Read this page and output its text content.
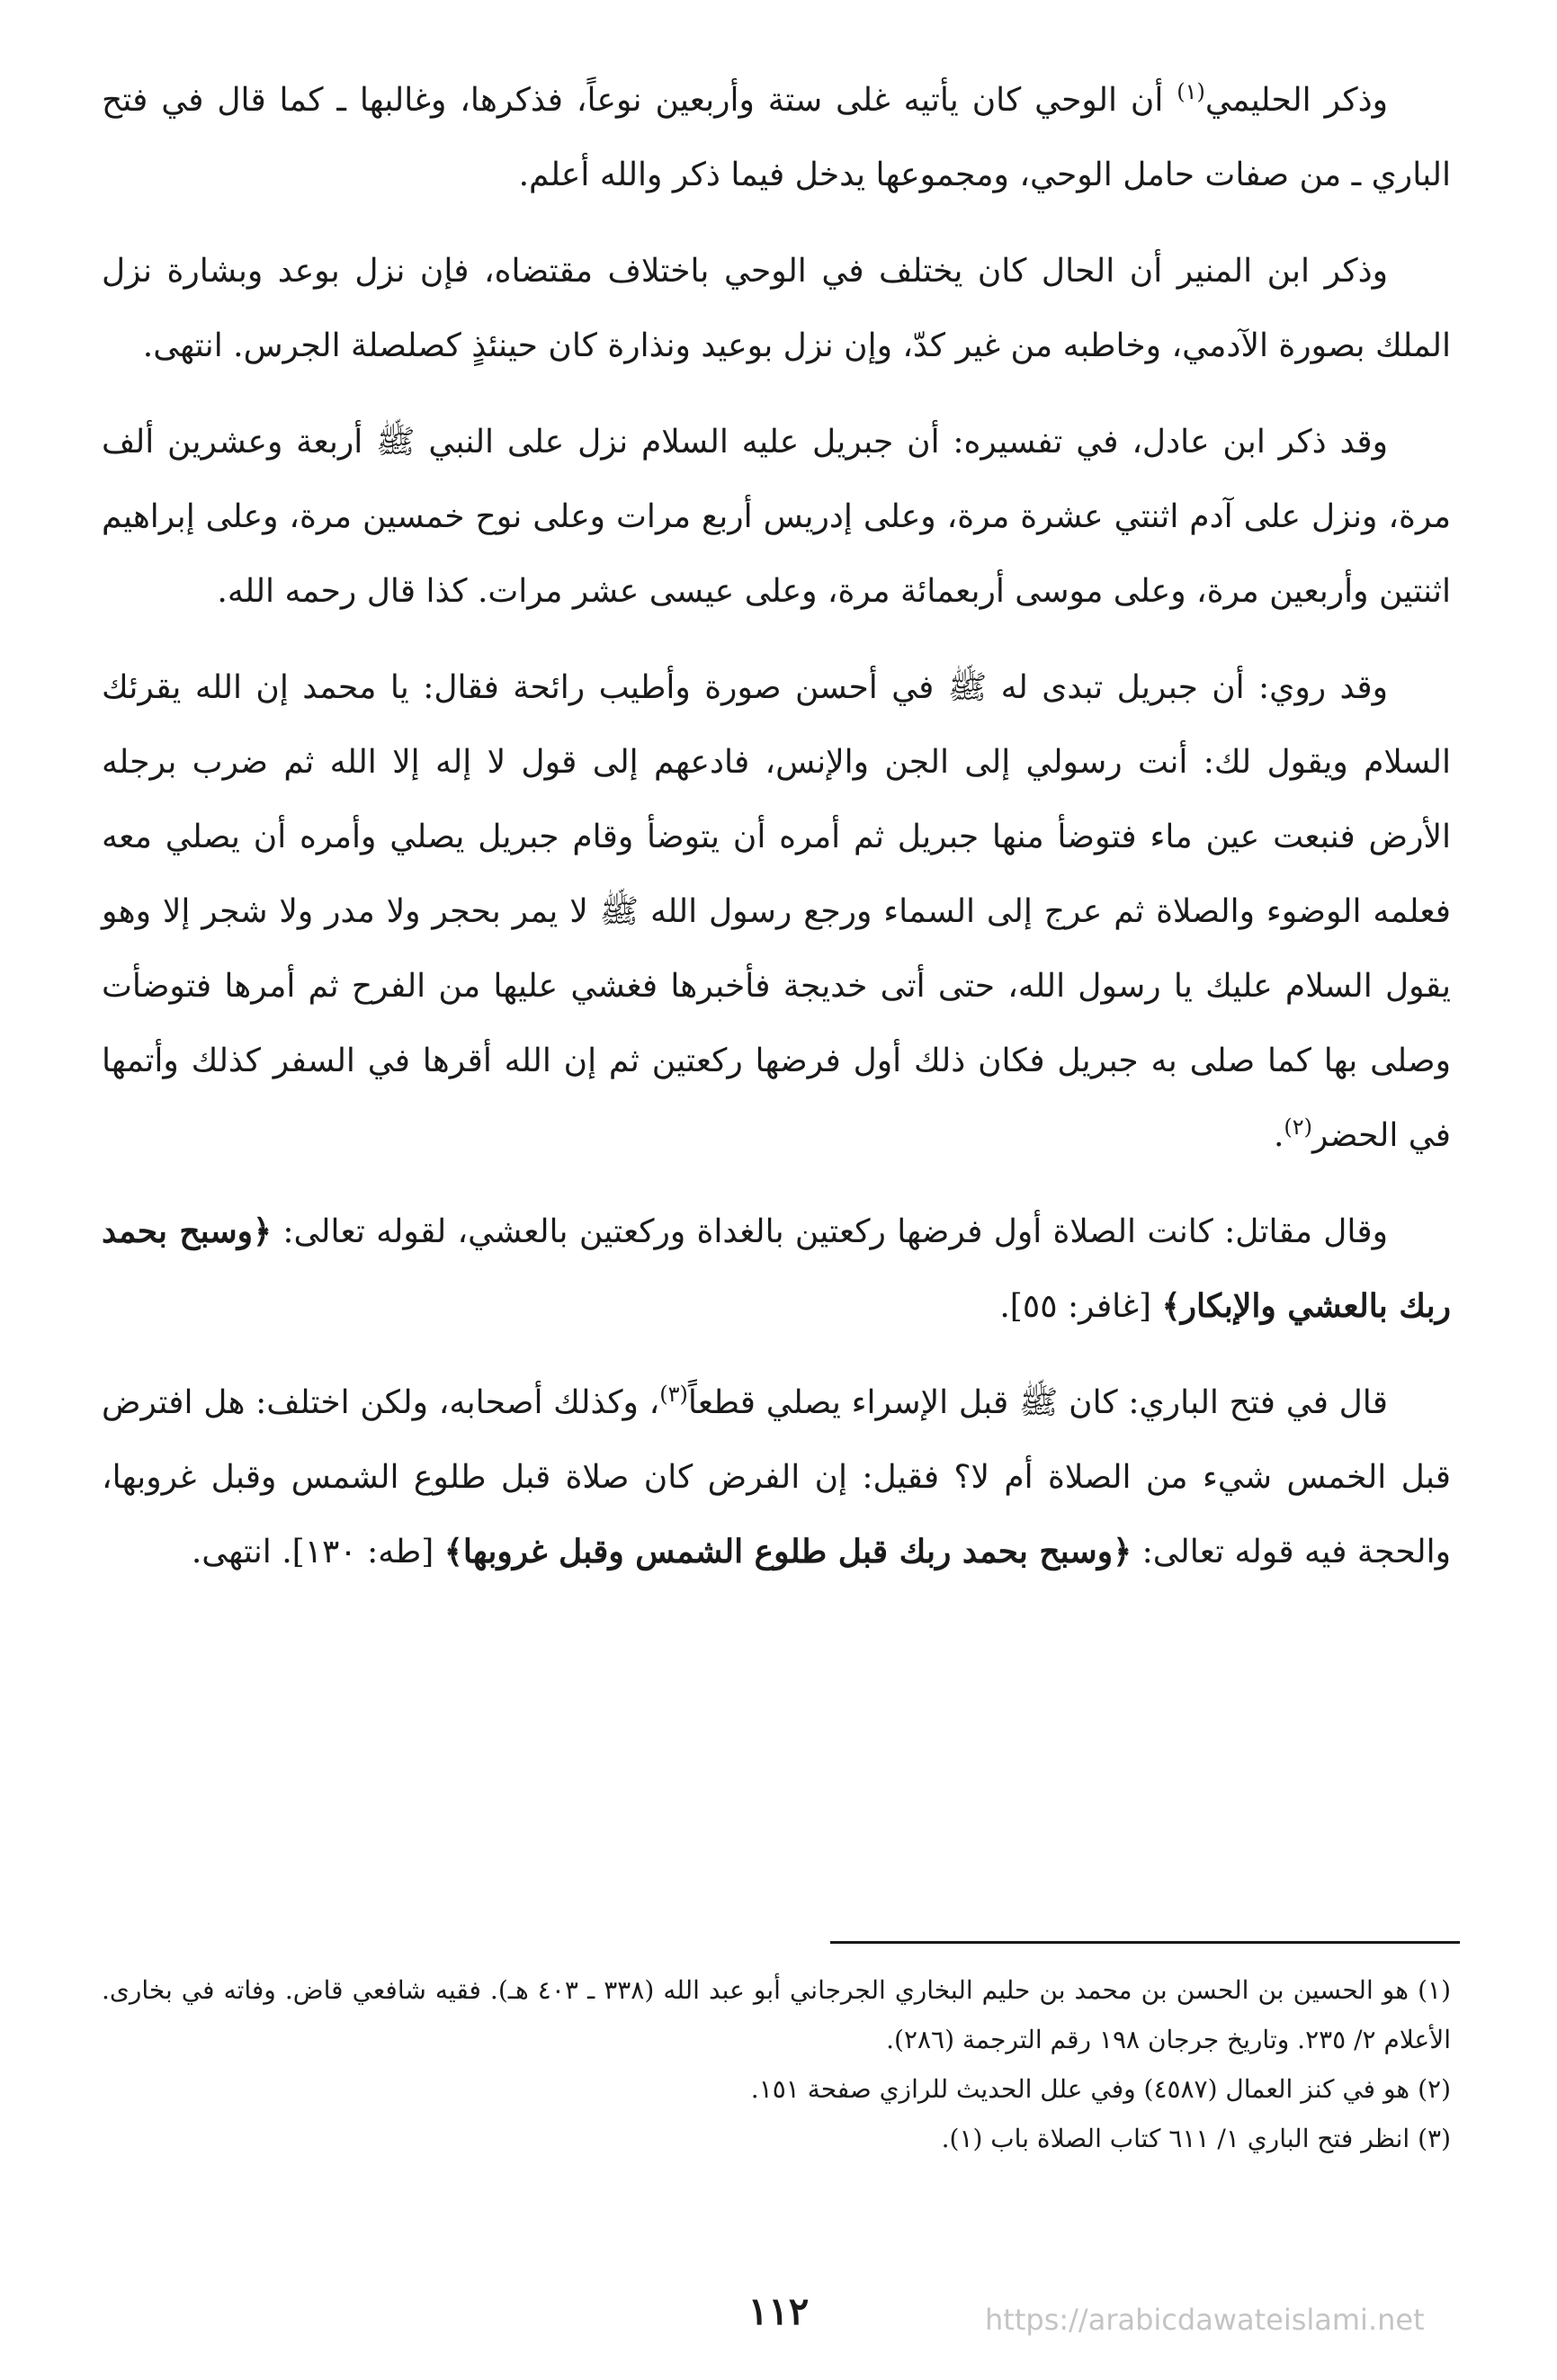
وذكر الحليمي$^{(١)}$ أن الوحي كان يأتيه غلى ستة وأربعين نوعاً، فذكرها، وغالبها ـ كما قال في فتح الباري ـ من صفات حامل الوحي، ومجموعها يدخل فيما ذكر والله أعلم.

وذكر ابن المنير أن الحال كان يختلف في الوحي باختلاف مقتضاه، فإن نزل بوعد وبشارة نزل الملك بصورة الآدمي، وخاطبه من غير كدّ، وإن نزل بوعيد ونذارة كان حينئذٍ كصلصلة الجرس. انتهى.

وقد ذكر ابن عادل، في تفسيره: أن جبريل عليه السلام نزل على النبي ﷺ أربعة وعشرين ألف مرة، ونزل على آدم اثنتي عشرة مرة، وعلى إدريس أربع مرات وعلى نوح خمسين مرة، وعلى إبراهيم اثنتين وأربعين مرة، وعلى موسى أربعمائة مرة، وعلى عيسى عشر مرات. كذا قال رحمه الله.

وقد روي: أن جبريل تبدى له ﷺ في أحسن صورة وأطيب رائحة فقال: يا محمد إن الله يقرئك السلام ويقول لك: أنت رسولي إلى الجن والإنس، فادعهم إلى قول لا إله إلا الله ثم ضرب برجله الأرض فنبعت عين ماء فتوضأ منها جبريل ثم أمره أن يتوضأ وقام جبريل يصلي وأمره أن يصلي معه فعلمه الوضوء والصلاة ثم عرج إلى السماء ورجع رسول الله ﷺ لا يمر بحجر ولا مدر ولا شجر إلا وهو يقول السلام عليك يا رسول الله، حتى أتى خديجة فأخبرها فغشي عليها من الفرح ثم أمرها فتوضأت وصلى بها كما صلى به جبريل فكان ذلك أول فرضها ركعتين ثم إن الله أقرها في السفر كذلك وأتمها في الحضر$^{(٢)}$.

وقال مقاتل: كانت الصلاة أول فرضها ركعتين بالغداة وركعتين بالعشي، لقوله تعالى: ﴿وسبح بحمد ربك بالعشي والإبكار﴾ [غافر: ٥٥].

قال في فتح الباري: كان ﷺ قبل الإسراء يصلي قطعاً$^{(٣)}$، وكذلك أصحابه، ولكن اختلف: هل افترض قبل الخمس شيء من الصلاة أم لا؟ فقيل: إن الفرض كان صلاة قبل طلوع الشمس وقبل غروبها، والحجة فيه قوله تعالى: ﴿وسبح بحمد ربك قبل طلوع الشمس وقبل غروبها﴾ [طه: ١٣٠]. انتهى.

(١) هو الحسين بن الحسن بن محمد بن حليم البخاري الجرجاني أبو عبد الله (٣٣٨ ـ ٤٠٣ هـ). فقيه شافعي قاض. وفاته في بخارى. الأعلام ٢/ ٢٣٥. وتاريخ جرجان ١٩٨ رقم الترجمة (٢٨٦).

(٢) هو في كنز العمال (٤٥٨٧) وفي علل الحديث للرازي صفحة ١٥١.

(٣) انظر فتح الباري ١/ ٦١١ كتاب الصلاة باب (١).

١١٢	https://arabicdawateislami.net
